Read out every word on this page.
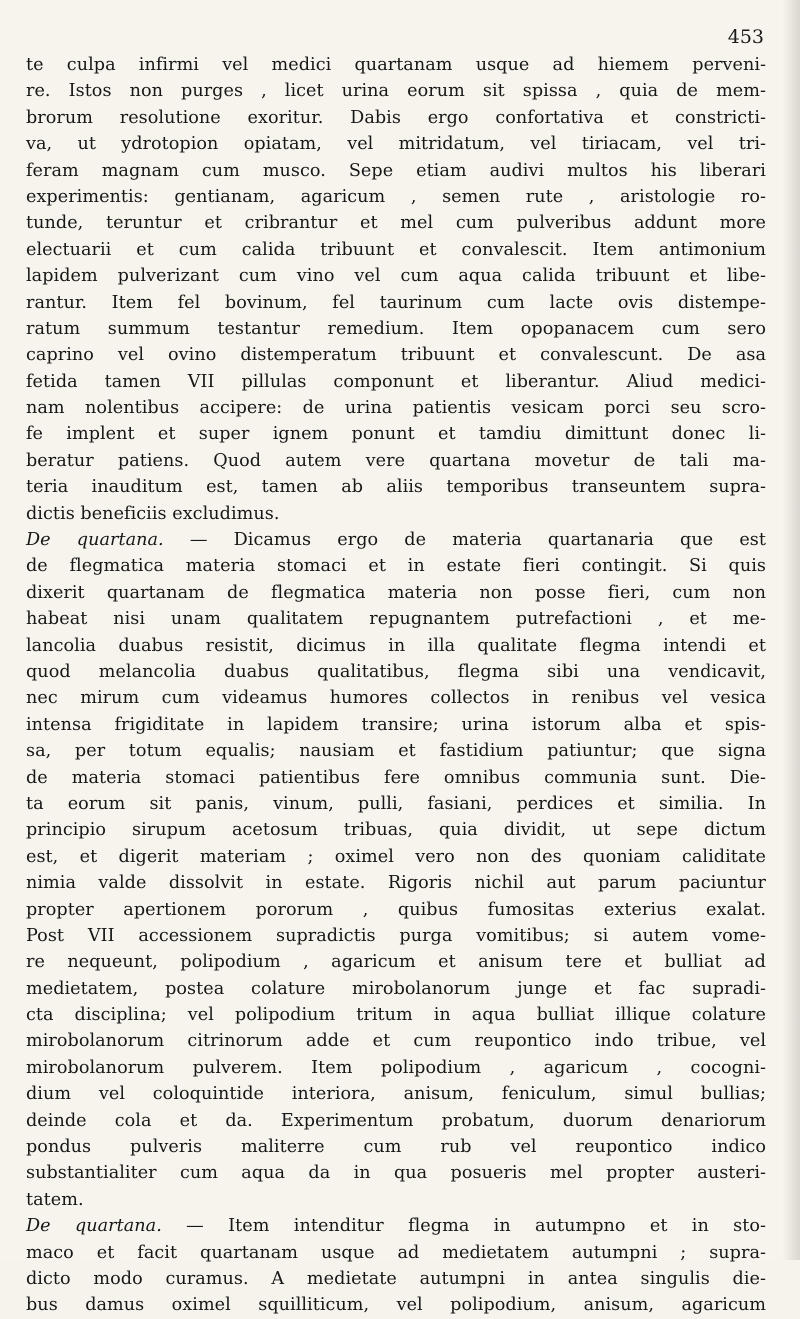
453
te culpa infirmi vel medici quartanam usque ad hiemem perveni-
re. Istos non purges , licet urina eorum sit spissa , quia de mem-
brorum resolutione exoritur. Dabis ergo confortativa et constricti-
va, ut ydrotopion opiatam, vel mitridatum, vel tiriacam, vel tri-
feram magnam cum musco. Sepe etiam audivi multos his liberari
experimentis: gentianam, agaricum , semen rute , aristologie ro-
tunde, teruntur et cribrantur et mel cum pulveribus addunt more
electuarii et cum calida tribuunt et convalescit. Item antimonium
lapidem pulverizant cum vino vel cum aqua calida tribuunt et libe-
rantur. Item fel bovinum, fel taurinum cum lacte ovis distempe-
ratum summum testantur remedium. Item opopanacem cum sero
caprino vel ovino distemperatum tribuunt et convalescunt. De asa
fetida tamen VII pillulas componunt et liberantur. Aliud medici-
nam nolentibus accipere: de urina patientis vesicam porci seu scro-
fe implent et super ignem ponunt et tamdiu dimittunt donec li-
beratur patiens. Quod autem vere quartana movetur de tali ma-
teria inauditum est, tamen ab aliis temporibus transeuntem supra-
dictis beneficiis excludimus.
De quartana. — Dicamus ergo de materia quartanaria que est
de flegmatica materia stomaci et in estate fieri contingit. Si quis
dixerit quartanam de flegmatica materia non posse fieri, cum non
habeat nisi unam qualitatem repugnantem putrefactioni , et me-
lancolia duabus resistit, dicimus in illa qualitate flegma intendi et
quod melancolia duabus qualitatibus, flegma sibi una vendicavit,
nec mirum cum videamus humores collectos in renibus vel vesica
intensa frigiditate in lapidem transire; urina istorum alba et spis-
sa, per totum equalis; nausiam et fastidium patiuntur; que signa
de materia stomaci patientibus fere omnibus communia sunt. Die-
ta eorum sit panis, vinum, pulli, fasiani, perdices et similia. In
principio sirupum acetosum tribuas, quia dividit, ut sepe dictum
est, et digerit materiam ; oximel vero non des quoniam caliditate
nimia valde dissolvit in estate. Rigoris nichil aut parum paciuntur
propter apertionem pororum , quibus fumositas exterius exalat.
Post VII accessionem supradictis purga vomitibus; si autem vome-
re nequeunt, polipodium , agaricum et anisum tere et bulliat ad
medietatem, postea colature mirobolanorum junge et fac supradi-
cta disciplina; vel polipodium tritum in aqua bulliat illique colature
mirobolanorum citrinorum adde et cum reupontico indo tribue, vel
mirobolanorum pulverem. Item polipodium , agaricum , cocogni-
dium vel coloquintide interiora, anisum, feniculum, simul bullias;
deinde cola et da. Experimentum probatum, duorum denariorum
pondus pulveris maliterre cum rub vel reupontico indico
substantialiter cum aqua da in qua posueris mel propter austeri-
tatem.
De quartana. — Item intenditur flegma in autumpno et in sto-
maco et facit quartanam usque ad medietatem autumpni ; supra-
dicto modo curamus. A medietate autumpni in antea singulis die-
bus damus oximel squilliticum, vel polipodium, anisum, agaricum
